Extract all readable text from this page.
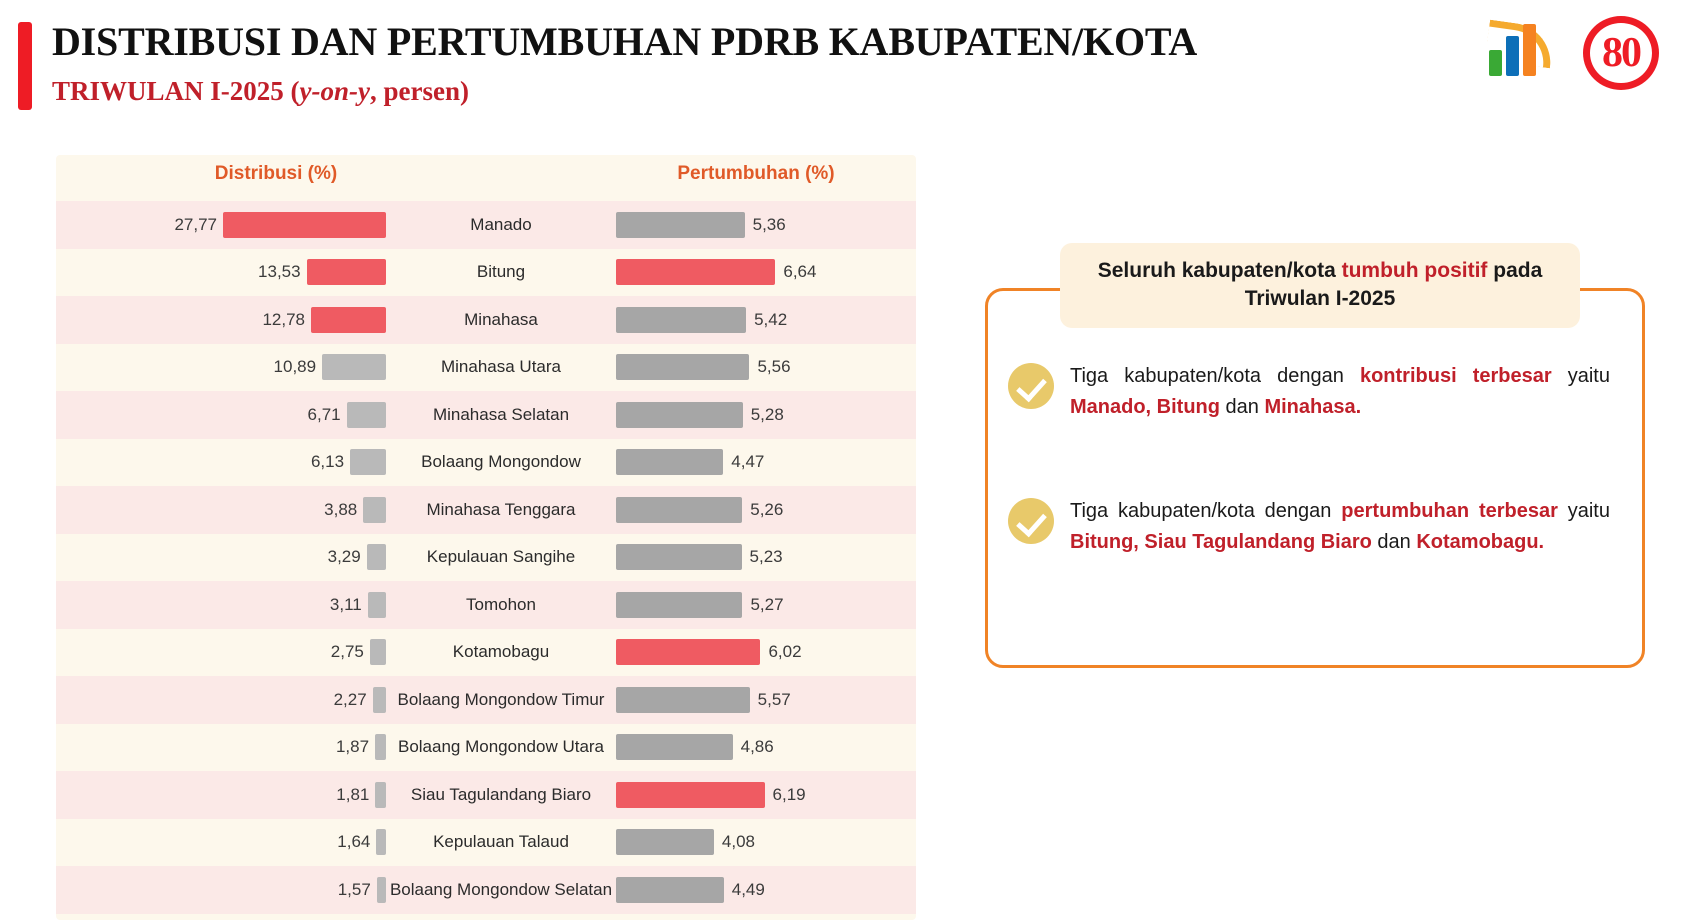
DISTRIBUSI DAN PERTUMBUHAN PDRB KABUPATEN/KOTA
TRIWULAN I-2025 (y-on-y, persen)
80
Distribusi (%)	Pertumbuhan (%)
27,77	Manado	5,36
13,53	Bitung	6,64
12,78	Minahasa	5,42
10,89	Minahasa Utara	5,56
6,71	Minahasa Selatan	5,28
6,13	Bolaang Mongondow	4,47
3,88	Minahasa Tenggara	5,26
3,29	Kepulauan Sangihe	5,23
3,11	Tomohon	5,27
2,75	Kotamobagu	6,02
2,27	Bolaang Mongondow Timur	5,57
1,87	Bolaang Mongondow Utara	4,86
1,81	Siau Tagulandang Biaro	6,19
1,64	Kepulauan Talaud	4,08
1,57 Bolaang Mongondow Selatan	4,49
Tiga kabupaten/kota dengan kontribusi terbesar yaitu Manado, Bitung dan Minahasa.
Tiga kabupaten/kota dengan pertumbuhan terbesar yaitu Bitung, Siau Tagulandang Biaro dan Kotamobagu.
Seluruh kabupaten/kota tumbuh positif pada Triwulan I-2025
